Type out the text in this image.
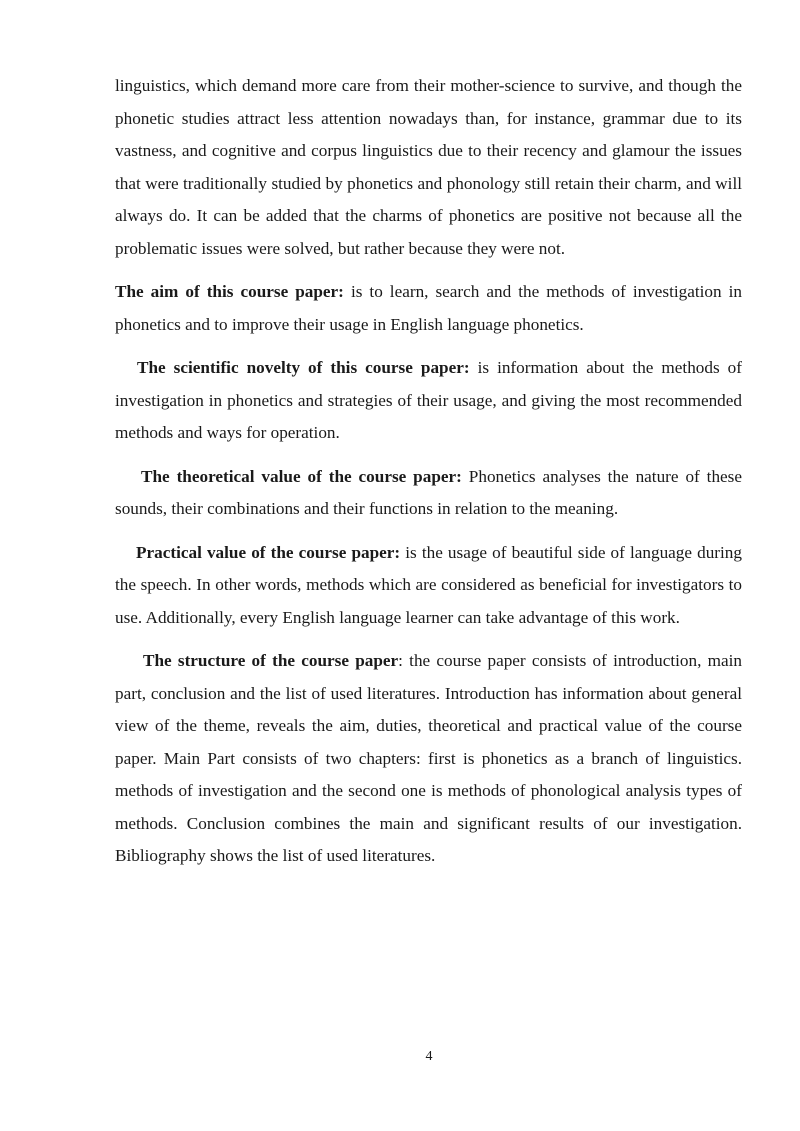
linguistics, which demand more care from their mother-science to survive, and though the phonetic studies attract less attention nowadays than, for instance, grammar due to its vastness, and cognitive and corpus linguistics due to their recency and glamour the issues that were traditionally studied by phonetics and phonology still retain their charm, and will always do. It can be added that the charms of phonetics are positive not because all the problematic issues were solved, but rather because they were not.

The aim of this course paper: is to learn, search and the methods of investigation in phonetics and to improve their usage in English language phonetics.

The scientific novelty of this course paper: is information about the methods of investigation in phonetics and strategies of their usage, and giving the most recommended methods and ways for operation.

The theoretical value of the course paper: Phonetics analyses the nature of these sounds, their combinations and their functions in relation to the meaning.

Practical value of the course paper: is the usage of beautiful side of language during the speech. In other words, methods which are considered as beneficial for investigators to use. Additionally, every English language learner can take advantage of this work.

The structure of the course paper: the course paper consists of introduction, main part, conclusion and the list of used literatures. Introduction has information about general view of the theme, reveals the aim, duties, theoretical and practical value of the course paper. Main Part consists of two chapters: first is phonetics as a branch of linguistics. methods of investigation and the second one is methods of phonological analysis types of methods. Conclusion combines the main and significant results of our investigation. Bibliography shows the list of used literatures.

4
